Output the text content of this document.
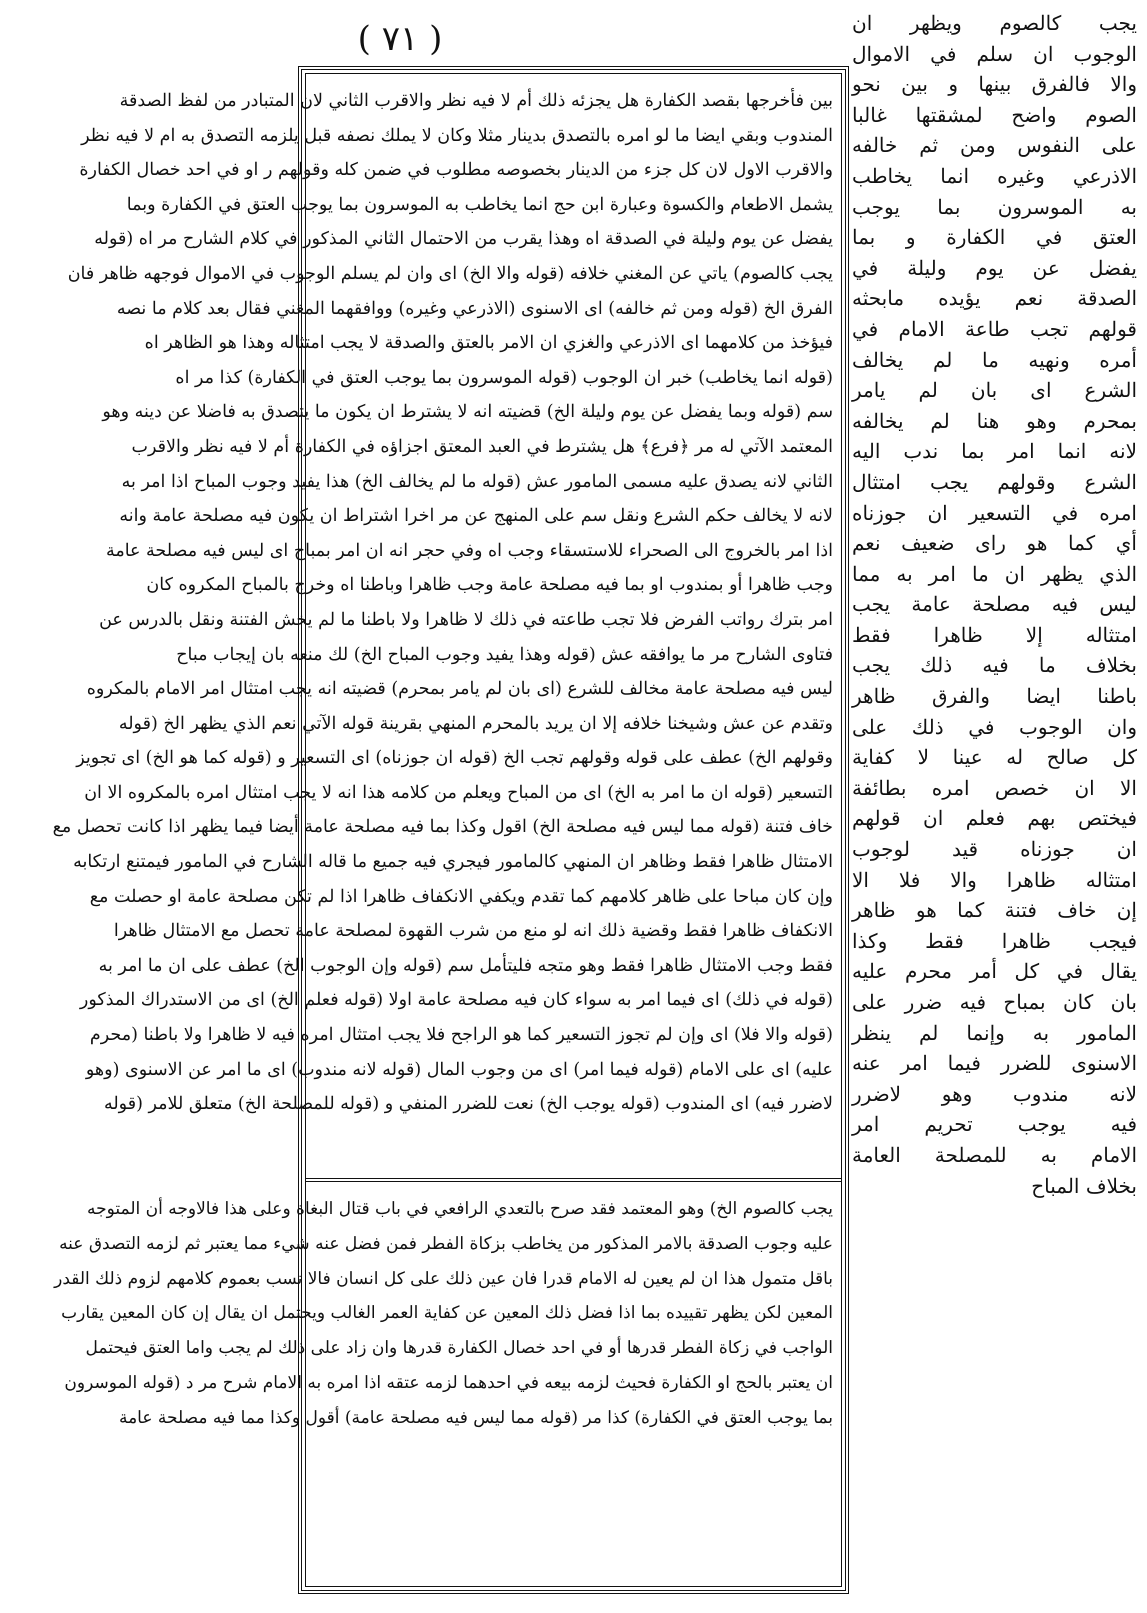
( ٧١ )	يجب كالصوم ويظهر ان
الوجوب ان سلم في الاموال
والا فالفرق بينها و بين نحو
الصوم واضح لمشقتها غالبا
على النفوس ومن ثم خالفه
الاذرعي وغيره انما يخاطب
به الموسرون بما يوجب
العتق في الكفارة و بما
يفضل عن يوم وليلة في
الصدقة نعم يؤيده مابحثه
قولهم تجب طاعة الامام في
أمره ونهيه ما لم يخالف
الشرع اى بان لم يامر
بمحرم وهو هنا لم يخالفه
لانه انما امر بما ندب اليه
الشرع وقولهم يجب امتثال
امره في التسعير ان جوزناه
أي كما هو راى ضعيف نعم
الذي يظهر ان ما امر به مما
ليس فيه مصلحة عامة يجب
امتثاله إلا ظاهرا فقط
بخلاف ما فيه ذلك يجب
باطنا ايضا والفرق ظاهر
وان الوجوب في ذلك على
كل صالح له عينا لا كفاية
الا ان خصص امره بطائفة
فيختص بهم فعلم ان قولهم
ان جوزناه قيد لوجوب
امتثاله ظاهرا والا فلا الا
إن خاف فتنة كما هو ظاهر
فيجب ظاهرا فقط وكذا
يقال في كل أمر محرم عليه
بان كان بمباح فيه ضرر على
المامور به وإنما لم ينظر
الاسنوى للضرر فيما امر عنه
لانه مندوب وهو لاضرر
فيه يوجب تحريم امر
الامام به للمصلحة العامة
بخلاف المباح
بين فأخرجها بقصد الكفارة هل يجزئه ذلك أم لا فيه نظر والاقرب الثاني لان المتبادر من لفظ الصدقة
المندوب وبقي ايضا ما لو امره بالتصدق بدينار مثلا وكان لا يملك نصفه قبل يلزمه التصدق به ام لا فيه نظر
والاقرب الاول لان كل جزء من الدينار بخصوصه مطلوب في ضمن كله وقولهم ر او في احد خصال الكفارة
يشمل الاطعام والكسوة وعبارة ابن حج انما يخاطب به الموسرون بما يوجب العتق في الكفارة وبما
يفضل عن يوم وليلة في الصدقة اه وهذا يقرب من الاحتمال الثاني المذكور في كلام الشارح مر اه (قوله
يجب كالصوم) ياتي عن المغني خلافه (قوله والا الخ) اى وان لم يسلم الوجوب في الاموال فوجهه ظاهر فان
الفرق الخ (قوله ومن ثم خالفه) اى الاسنوى (الاذرعي وغيره) ووافقهما المغني فقال بعد كلام ما نصه
فيؤخذ من كلامهما اى الاذرعي والغزي ان الامر بالعتق والصدقة لا يجب امتثاله وهذا هو الظاهر اه
(قوله انما يخاطب) خبر ان الوجوب (قوله الموسرون بما يوجب العتق في الكفارة) كذا مر اه
سم (قوله وبما يفضل عن يوم وليلة الخ) قضيته انه لا يشترط ان يكون ما يتصدق به فاضلا عن دينه وهو
المعتمد الآتي له مر ﴿فرع﴾ هل يشترط في العبد المعتق اجزاؤه في الكفارة أم لا فيه نظر والاقرب
الثاني لانه يصدق عليه مسمى المامور عش (قوله ما لم يخالف الخ) هذا يفيد وجوب المباح اذا امر به
لانه لا يخالف حكم الشرع ونقل سم على المنهج عن مر اخرا اشتراط ان يكون فيه مصلحة عامة وانه
اذا امر بالخروج الى الصحراء للاستسقاء وجب اه وفي حجر انه ان امر بمباح اى ليس فيه مصلحة عامة
وجب ظاهرا أو بمندوب او بما فيه مصلحة عامة وجب ظاهرا وباطنا اه وخرج بالمباح المكروه كان
امر بترك رواتب الفرض فلا تجب طاعته في ذلك لا ظاهرا ولا باطنا ما لم يخش الفتنة ونقل بالدرس عن
فتاوى الشارح مر ما يوافقه عش (قوله وهذا يفيد وجوب المباح الخ) لك منعه بان إيجاب مباح
ليس فيه مصلحة عامة مخالف للشرع (اى بان لم يامر بمحرم) قضيته انه يجب امتثال امر الامام بالمكروه
وتقدم عن عش وشيخنا خلافه إلا ان يريد بالمحرم المنهي بقرينة قوله الآتي نعم الذي يظهر الخ (قوله
وقولهم الخ) عطف على قوله وقولهم تجب الخ (قوله ان جوزناه) اى التسعير و (قوله كما هو الخ) اى تجويز
التسعير (قوله ان ما امر به الخ) اى من المباح ويعلم من كلامه هذا انه لا يجب امتثال امره بالمكروه الا ان
خاف فتنة (قوله مما ليس فيه مصلحة الخ) اقول وكذا بما فيه مصلحة عامة أيضا فيما يظهر اذا كانت تحصل مع
الامتثال ظاهرا فقط وظاهر ان المنهي كالمامور فيجري فيه جميع ما قاله الشارح في المامور فيمتنع ارتكابه
وإن كان مباحا على ظاهر كلامهم كما تقدم ويكفي الانكفاف ظاهرا اذا لم تكن مصلحة عامة او حصلت مع
الانكفاف ظاهرا فقط وقضية ذلك انه لو منع من شرب القهوة لمصلحة عامة تحصل مع الامتثال ظاهرا
فقط وجب الامتثال ظاهرا فقط وهو متجه فليتأمل سم (قوله وإن الوجوب الخ) عطف على ان ما امر به
(قوله في ذلك) اى فيما امر به سواء كان فيه مصلحة عامة اولا (قوله فعلم الخ) اى من الاستدراك المذكور
(قوله والا فلا) اى وإن لم تجوز التسعير كما هو الراجح فلا يجب امتثال امره فيه لا ظاهرا ولا باطنا (محرم
عليه) اى على الامام (قوله فيما امر) اى من وجوب المال (قوله لانه مندوب) اى ما امر عن الاسنوى (وهو
لاضرر فيه) اى المندوب (قوله يوجب الخ) نعت للضرر المنفي و (قوله للمصلحة الخ) متعلق للامر (قوله
يجب كالصوم الخ) وهو المعتمد فقد صرح بالتعدي الرافعي في باب قتال البغاة وعلى هذا فالاوجه أن المتوجه
عليه وجوب الصدقة بالامر المذكور من يخاطب بزكاة الفطر فمن فضل عنه شيء مما يعتبر ثم لزمه التصدق عنه
باقل متمول هذا ان لم يعين له الامام قدرا فان عين ذلك على كل انسان فالا نسب بعموم كلامهم لزوم ذلك القدر
المعين لكن يظهر تقييده بما اذا فضل ذلك المعين عن كفاية العمر الغالب ويحتمل ان يقال إن كان المعين يقارب
الواجب في زكاة الفطر قدرها أو في احد خصال الكفارة قدرها وان زاد على ذلك لم يجب واما العتق فيحتمل
ان يعتبر بالحج او الكفارة فحيث لزمه بيعه في احدهما لزمه عتقه اذا امره به الامام شرح مر د (قوله الموسرون
بما يوجب العتق في الكفارة) كذا مر (قوله مما ليس فيه مصلحة عامة) أقول وكذا مما فيه مصلحة عامة
